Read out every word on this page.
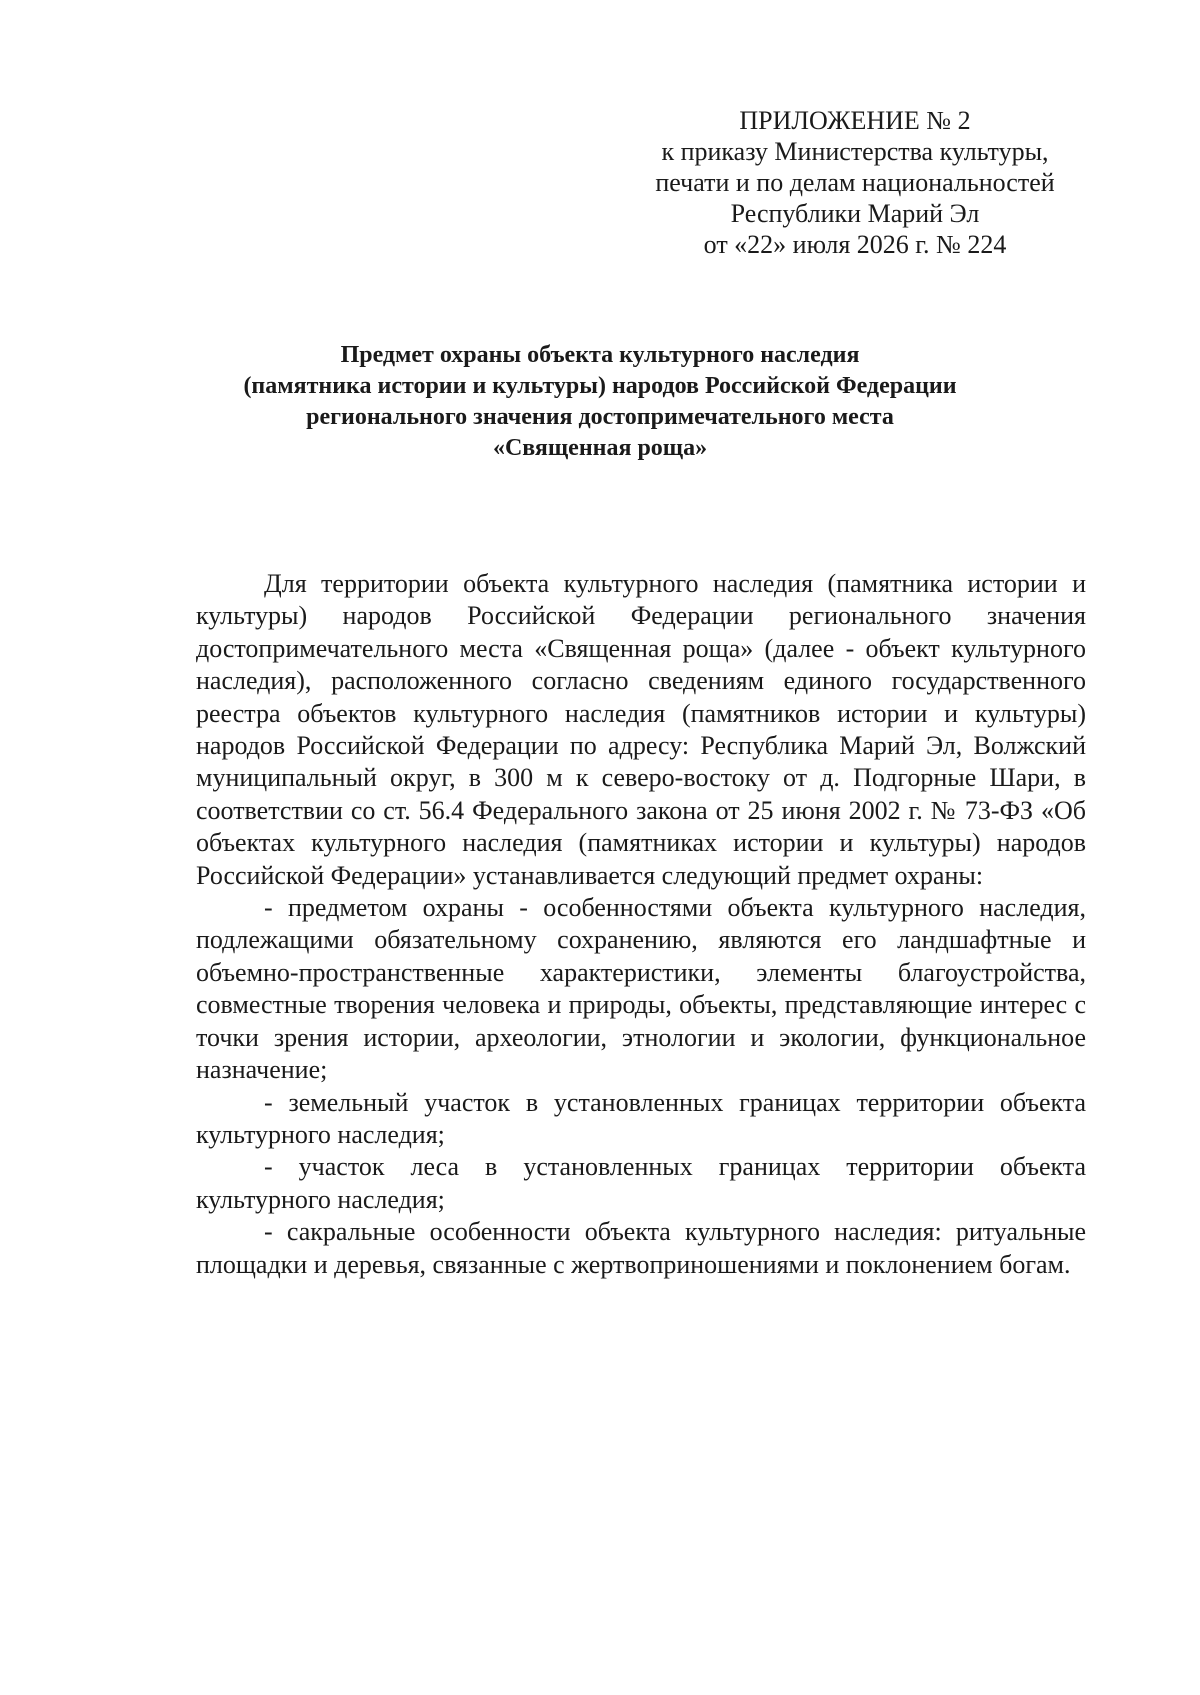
ПРИЛОЖЕНИЕ № 2
к приказу Министерства культуры,
печати и по делам национальностей
Республики Марий Эл
от «22» июля 2026 г. № 224
Предмет охраны объекта культурного наследия
(памятника истории и культуры) народов Российской Федерации
регионального значения достопримечательного места
«Священная роща»

Для территории объекта культурного наследия (памятника истории и культуры) народов Российской Федерации регионального значения достопримечательного места «Священная роща» (далее - объект культурного наследия), расположенного согласно сведениям единого государственного реестра объектов культурного наследия (памятников истории и культуры) народов Российской Федерации по адресу: Республика Марий Эл, Волжский муниципальный округ, в 300 м к северо-востоку от д. Подгорные Шари, в соответствии со ст. 56.4 Федерального закона от 25 июня 2002 г. № 73-ФЗ «Об объектах культурного наследия (памятниках истории и культуры) народов Российской Федерации» устанавливается следующий предмет охраны:

- предметом охраны - особенностями объекта культурного наследия, подлежащими обязательному сохранению, являются его ландшафтные и объемно-пространственные характеристики, элементы благоустройства, совместные творения человека и природы, объекты, представляющие интерес с точки зрения истории, археологии, этнологии и экологии, функциональное назначение;

- земельный участок в установленных границах территории объекта культурного наследия;

- участок леса в установленных границах территории объекта культурного наследия;

- сакральные особенности объекта культурного наследия: ритуальные площадки и деревья, связанные с жертвоприношениями и поклонением богам.
